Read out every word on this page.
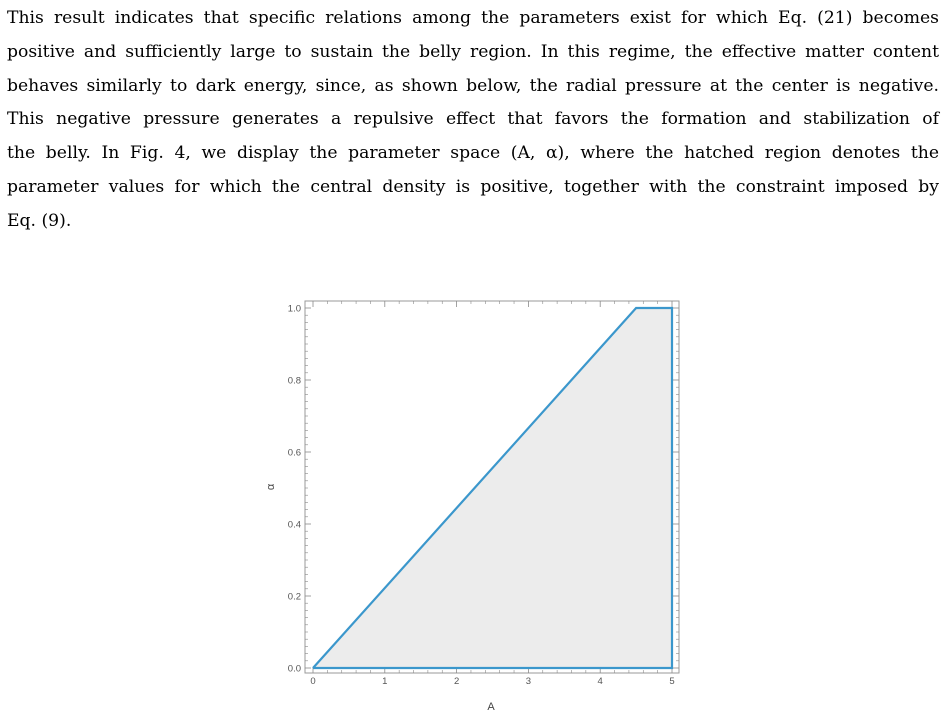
This result indicates that specific relations among the parameters exist for which Eq. (21) becomes
positive and sufficiently large to sustain the belly region. In this regime, the effective matter content
behaves similarly to dark energy, since, as shown below, the radial pressure at the center is negative.
This negative pressure generates a repulsive effect that favors the formation and stabilization of
the belly. In Fig. 4, we display the parameter space (A, α), where the hatched region denotes the
parameter values for which the central density is positive, together with the constraint imposed by
Eq. (9).

0	1	2	3	4	5
0.0
0.2
0.4
0.6
0.8
1.0
A
α
